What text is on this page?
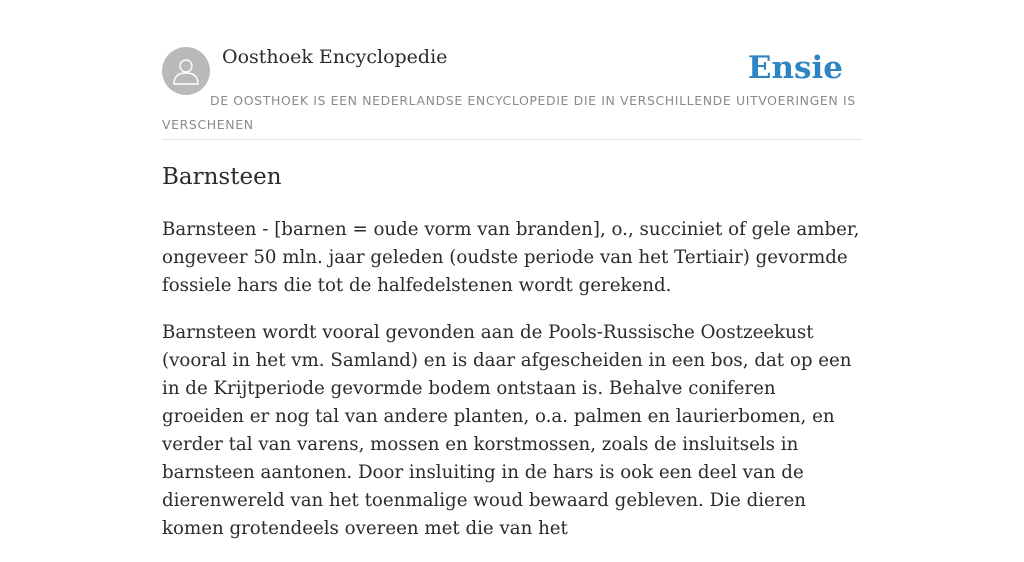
Oosthoek Encyclopedie	Ensie
DE OOSTHOEK IS EEN NEDERLANDSE ENCYCLOPEDIE DIE IN VERSCHILLENDE UITVOERINGEN IS VERSCHENEN
Barnsteen

Barnsteen - [barnen = oude vorm van branden], o., succiniet of gele amber, ongeveer 50 mln. jaar geleden (oudste periode van het Tertiair) gevormde fossiele hars die tot de halfedelstenen wordt gerekend.

Barnsteen wordt vooral gevonden aan de Pools-Russische Oostzeekust (vooral in het vm. Samland) en is daar afgescheiden in een bos, dat op een in de Krijtperiode gevormde bodem ontstaan is. Behalve coniferen groeiden er nog tal van andere planten, o.a. palmen en laurierbomen, en verder tal van varens, mossen en korstmossen, zoals de insluitsels in barnsteen aantonen. Door insluiting in de hars is ook een deel van de dierenwereld van het toenmalige woud bewaard gebleven. Die dieren komen grotendeels overeen met die van het
